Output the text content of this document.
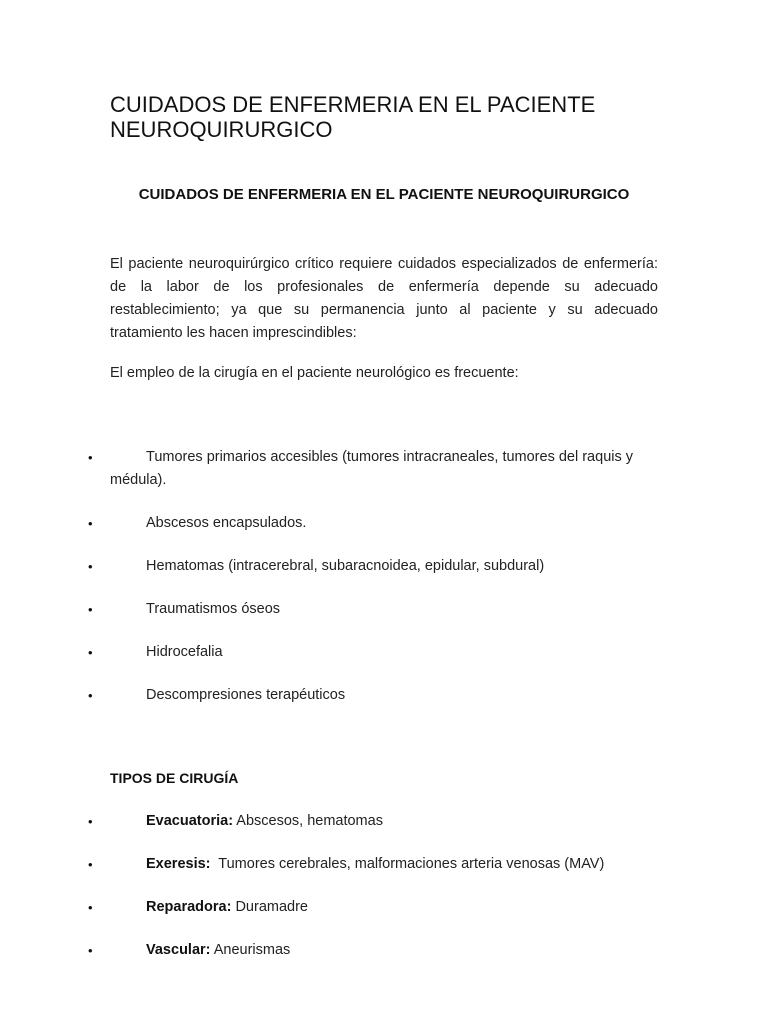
CUIDADOS DE ENFERMERIA EN EL PACIENTE NEUROQUIRURGICO
CUIDADOS DE ENFERMERIA EN EL PACIENTE NEUROQUIRURGICO

El paciente neuroquirúrgico crítico requiere cuidados especializados de enfermería: de la labor de los profesionales de enfermería depende su adecuado restablecimiento; ya que su permanencia junto al paciente y su adecuado tratamiento les hacen imprescindibles:

El empleo de la cirugía en el paciente neurológico es frecuente:

•	Tumores primarios accesibles (tumores intracraneales, tumores del raquis y médula).
•	Abscesos encapsulados.
•	Hematomas (intracerebral, subaracnoidea, epidular, subdural)
•	Traumatismos óseos
•	Hidrocefalia
•	Descompresiones terapéuticos
TIPOS DE CIRUGÍA
•	Evacuatoria: Abscesos, hematomas
•	Exeresis:  Tumores cerebrales, malformaciones arteria venosas (MAV)
•	Reparadora: Duramadre
•	Vascular: Aneurismas
